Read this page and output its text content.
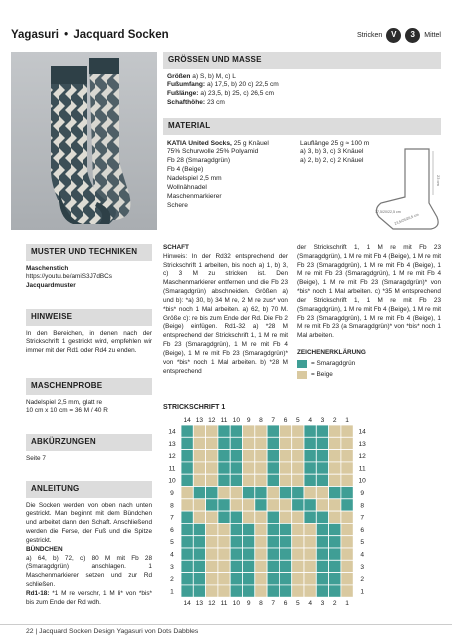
Yagasuri • Jacquard Socken	Stricken	V	3	Mittel
GRÖSSEN UND MASSE
Größen a) S, b) M, c) L
Fußumfang: a) 17,5, b) 20 c) 22,5 cm
Fußlänge: a) 23,5, b) 25, c) 26,5 cm
Schafthöhe: 23 cm
MATERIAL
KATIA United Socks, 25 g Knäuel
75% Schurwolle 25% Polyamid
Fb 28 (Smaragdgrün)
Fb 4 (Beige)
Nadelspiel 2,5 mm
Wollnähnadel
Maschenmarkierer
Schere
Lauflänge 25 g ≈ 100 m
a) 3, b) 3, c) 3 Knäuel
a) 2, b) 2, c) 2 Knäuel
23 cm
17,5/20/22,5 cm
23,5/25/26,5 cm
MUSTER UND TECHNIKEN
Maschenstich
https://youtu.be/amiS3J7dBCs
Jacquardmuster
HINWEISE
In den Bereichen, in denen nach der Strickschrift 1 gestrickt wird, empfehlen wir immer mit der Rd1 oder Rd4 zu enden.
MASCHENPROBE
Nadelspiel 2,5 mm, glatt re
10 cm x 10 cm = 36 M / 40 R
ABKÜRZUNGEN
Seite 7
ANLEITUNG
Die Socken werden von oben nach unten gestrickt. Man beginnt mit dem Bündchen und arbeitet dann den Schaft. Anschließend werden die Ferse, der Fuß und die Spitze gestrickt.
BÜNDCHEN
a) 64, b) 72, c) 80 M mit Fb 28 (Smaragdgrün) anschlagen. 1 Maschenmarkierer setzen und zur Rd schließen.
Rd1-18: *1 M re verschr, 1 M li* von *bis* bis zum Ende der Rd wdh.
SCHAFT
Hinweis: In der Rd32 entsprechend der Strickschrift 1 arbeiten, bis noch a) 1, b) 3, c) 3 M zu stricken ist. Den Maschenmarkierer entfernen und die Fb 23 (Smaragdgrün) abschneiden. Größen a) und b): *a) 30, b) 34 M re, 2 M re zus* von *bis* noch 1 Mal arbeiten. a) 62, b) 70 M. Größe c): re bis zum Ende der Rd. Die Fb 2 (Beige) einfügen. Rd1-32 a) *28 M entsprechend der Strickschrift 1, 1 M re mit Fb 23 (Smaragdgrün), 1 M re mit Fb 4 (Beige), 1 M re mit Fb 23 (Smaragdgrün)* von *bis* noch 1 Mal arbeiten. b) *28 M entsprechend
der Strickschrift 1, 1 M re mit Fb 23 (Smaragdgrün), 1 M re mit Fb 4 (Beige), 1 M re mit Fb 23 (Smaragdgrün), 1 M re mit Fb 4 (Beige), 1 M re mit Fb 23 (Smaragdgrün), 1 M re mit Fb 4 (Beige), 1 M re mit Fb 23 (Smaragdgrün)* von *bis* noch 1 Mal arbeiten. c) *35 M entsprechend der Strickschrift 1, 1 M re mit Fb 23 (Smaragdgrün), 1 M re mit Fb 4 (Beige), 1 M re mit Fb 23 (Smaragdgrün), 1 M re mit Fb 4 (Beige), 1 M re mit Fb 23 (a Smaragdgrün)* von *bis* noch 1 Mal arbeiten.
ZEICHENERKLÄRUNG
= Smaragdgrün
= Beige
STRICKSCHRIFT 1
14
14
13
13
12
12
11
11
10
10
9
9
8
8
7
7
6
6
5
5
4
4
3
3
2
2
1
1
14	14
13	13
12	12
11	11
10	10
9	9
8	8
7	7
6	6
5	5
4	4
3	3
2	2
1	1
22 | Jacquard Socken Design Yagasuri von Dots Dabbles
